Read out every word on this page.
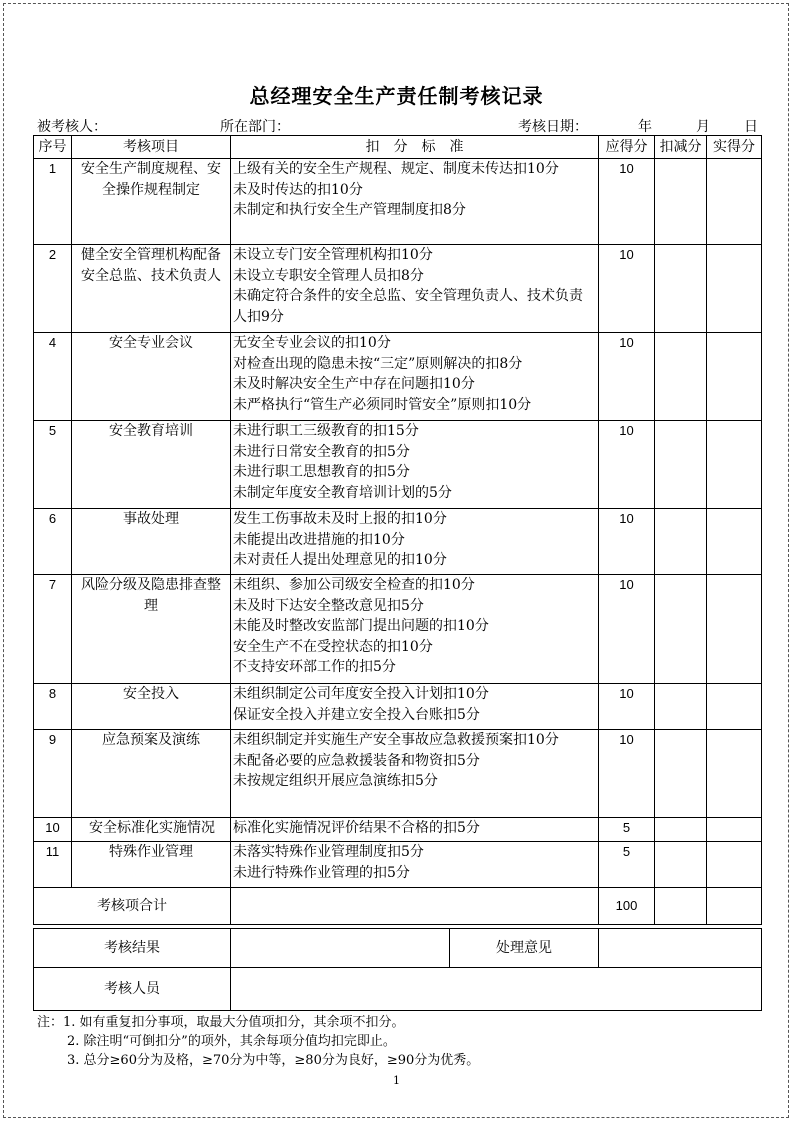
总经理安全生产责任制考核记录
被考核人：	所在部门：	考核日期：	年	月 日
序号	考核项目	扣　分　标　准	应得分	扣减分	实得分
1	安全生产制度规程、安全操作规程制定	上级有关的安全生产规程、规定、制度未传达扣10分
未及时传达的扣10分
未制定和执行安全生产管理制度扣8分	10		
2	健全安全管理机构配备安全总监、技术负责人	未设立专门安全管理机构扣10分
未设立专职安全管理人员扣8分
未确定符合条件的安全总监、安全管理负责人、技术负责人扣9分	10		
4	安全专业会议	无安全专业会议的扣10分
对检查出现的隐患未按“三定”原则解决的扣8分
未及时解决安全生产中存在问题扣10分
未严格执行“管生产必须同时管安全”原则扣10分	10		
5	安全教育培训	未进行职工三级教育的扣15分
未进行日常安全教育的扣5分
未进行职工思想教育的扣5分
未制定年度安全教育培训计划的5分	10		
6	事故处理	发生工伤事故未及时上报的扣10分
未能提出改进措施的扣10分
未对责任人提出处理意见的扣10分	10		
7	风险分级及隐患排查整理	未组织、参加公司级安全检查的扣10分
未及时下达安全整改意见扣5分
未能及时整改安监部门提出问题的扣10分
安全生产不在受控状态的扣10分
不支持安环部工作的扣5分	10		
8	安全投入	未组织制定公司年度安全投入计划扣10分
保证安全投入并建立安全投入台账扣5分	10		
9	应急预案及演练	未组织制定并实施生产安全事故应急救援预案扣10分
未配备必要的应急救援装备和物资扣5分
未按规定组织开展应急演练扣5分	10		
10	安全标准化实施情况	标准化实施情况评价结果不合格的扣5分	5		
11	特殊作业管理	未落实特殊作业管理制度扣5分
未进行特殊作业管理的扣5分	5		
考核项合计			100		
考核结果		处理意见	
考核人员			
注：1. 如有重复扣分事项，取最大分值项扣分，其余项不扣分。
2. 除注明“可倒扣分”的项外，其余每项分值均扣完即止。
3. 总分≥60分为及格，≥70分为中等，≥80分为良好，≥90分为优秀。
1
